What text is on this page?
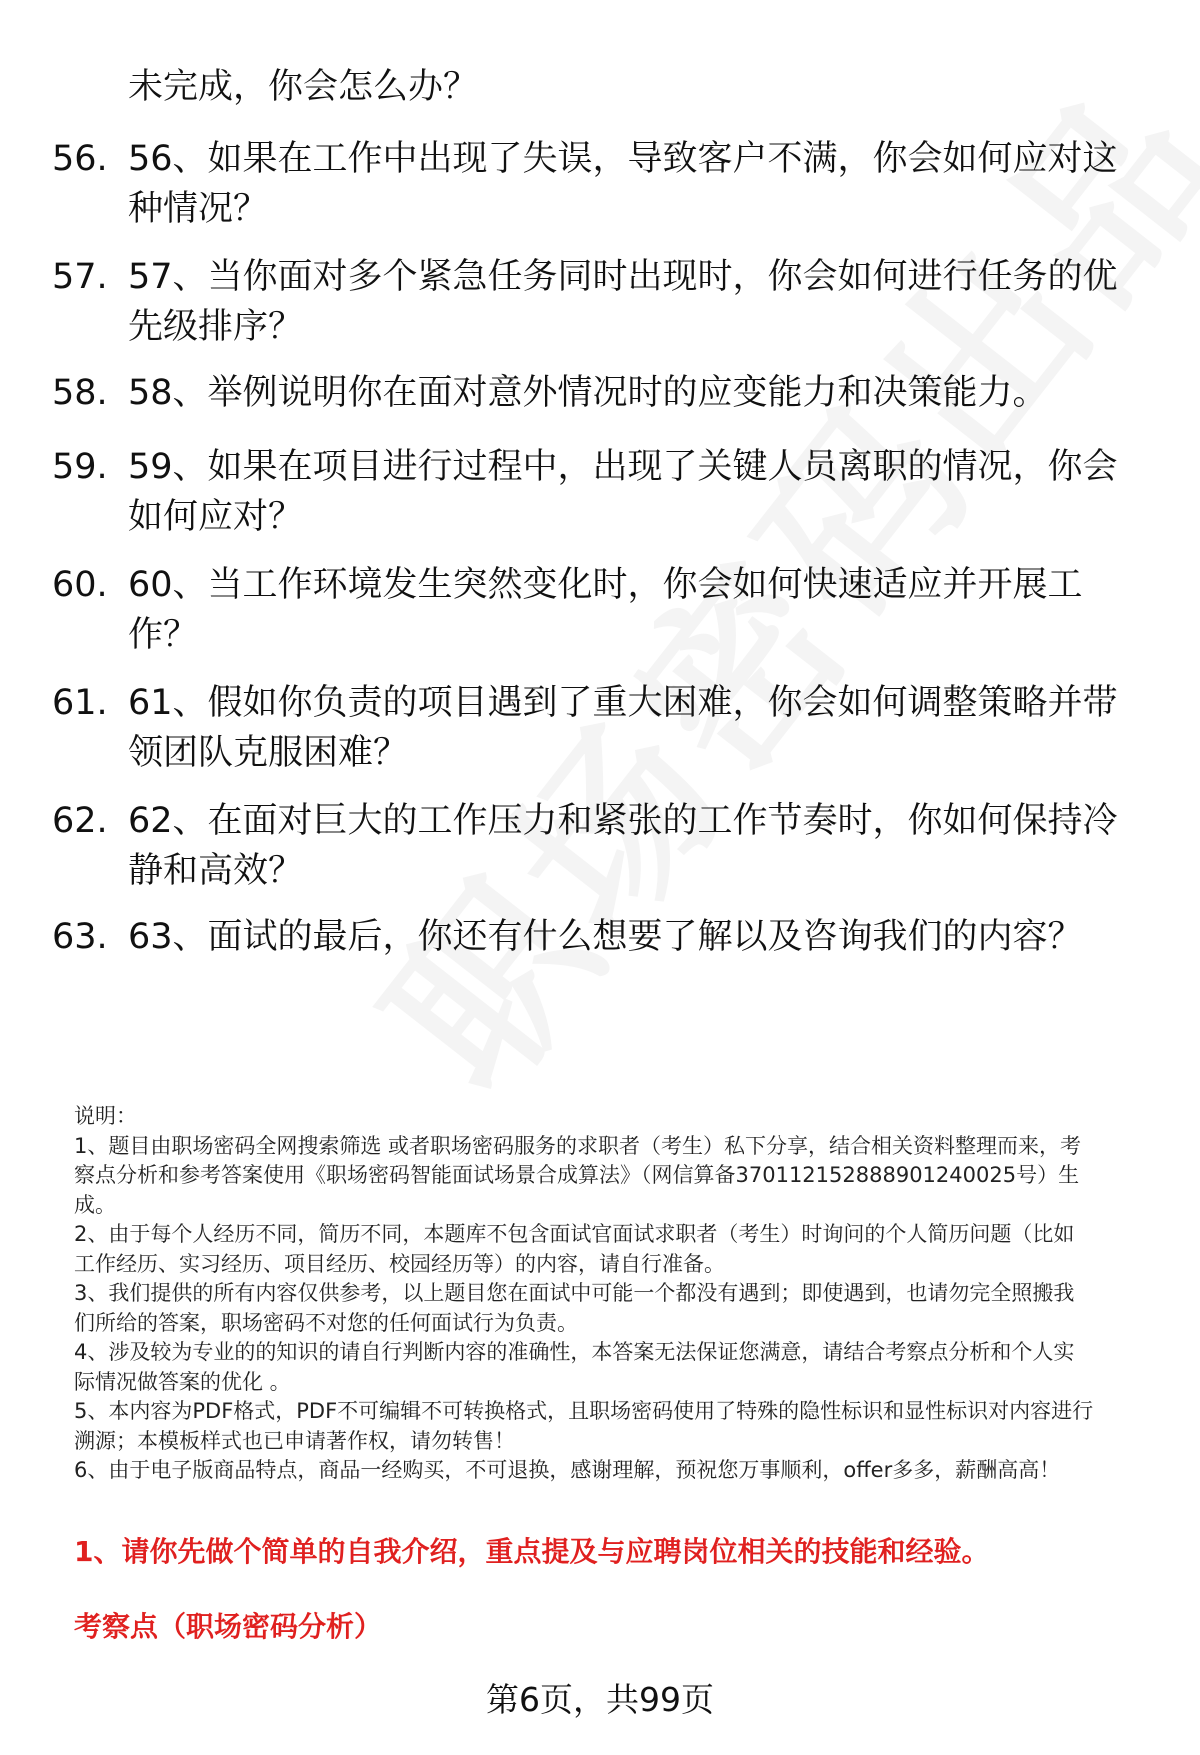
未完成，你会怎么办？
56. 56、如果在工作中出现了失误，导致客户不满，你会如何应对这
种情况？
57. 57、当你面对多个紧急任务同时出现时，你会如何进行任务的优
先级排序？
58. 58、举例说明你在面对意外情况时的应变能力和决策能力。
59. 59、如果在项目进行过程中，出现了关键人员离职的情况，你会
如何应对？
60. 60、当工作环境发生突然变化时，你会如何快速适应并开展工
作？
61. 61、假如你负责的项目遇到了重大困难，你会如何调整策略并带
领团队克服困难？
62. 62、在面对巨大的工作压力和紧张的工作节奏时，你如何保持冷
静和高效？
63. 63、面试的最后，你还有什么想要了解以及咨询我们的内容？
说明：
1、题目由职场密码全网搜索筛选 或者职场密码服务的求职者（考生）私下分享，结合相关资料整理而来，考
察点分析和参考答案使用《职场密码智能面试场景合成算法》（网信算备370112152888901240025号）生
成。
2、由于每个人经历不同，简历不同，本题库不包含面试官面试求职者（考生）时询问的个人简历问题（比如
工作经历、实习经历、项目经历、校园经历等）的内容，请自行准备。
3、我们提供的所有内容仅供参考，以上题目您在面试中可能一个都没有遇到；即使遇到，也请勿完全照搬我
们所给的答案，职场密码不对您的任何面试行为负责。
4、涉及较为专业的的知识的请自行判断内容的准确性，本答案无法保证您满意，请结合考察点分析和个人实
际情况做答案的优化 。
5、本内容为PDF格式，PDF不可编辑不可转换格式，且职场密码使用了特殊的隐性标识和显性标识对内容进行
溯源；本模板样式也已申请著作权，请勿转售！
6、由于电子版商品特点，商品一经购买，不可退换，感谢理解，预祝您万事顺利，offer多多，薪酬高高！
1、请你先做个简单的自我介绍，重点提及与应聘岗位相关的技能和经验。
考察点（职场密码分析）
第6页，共99页
